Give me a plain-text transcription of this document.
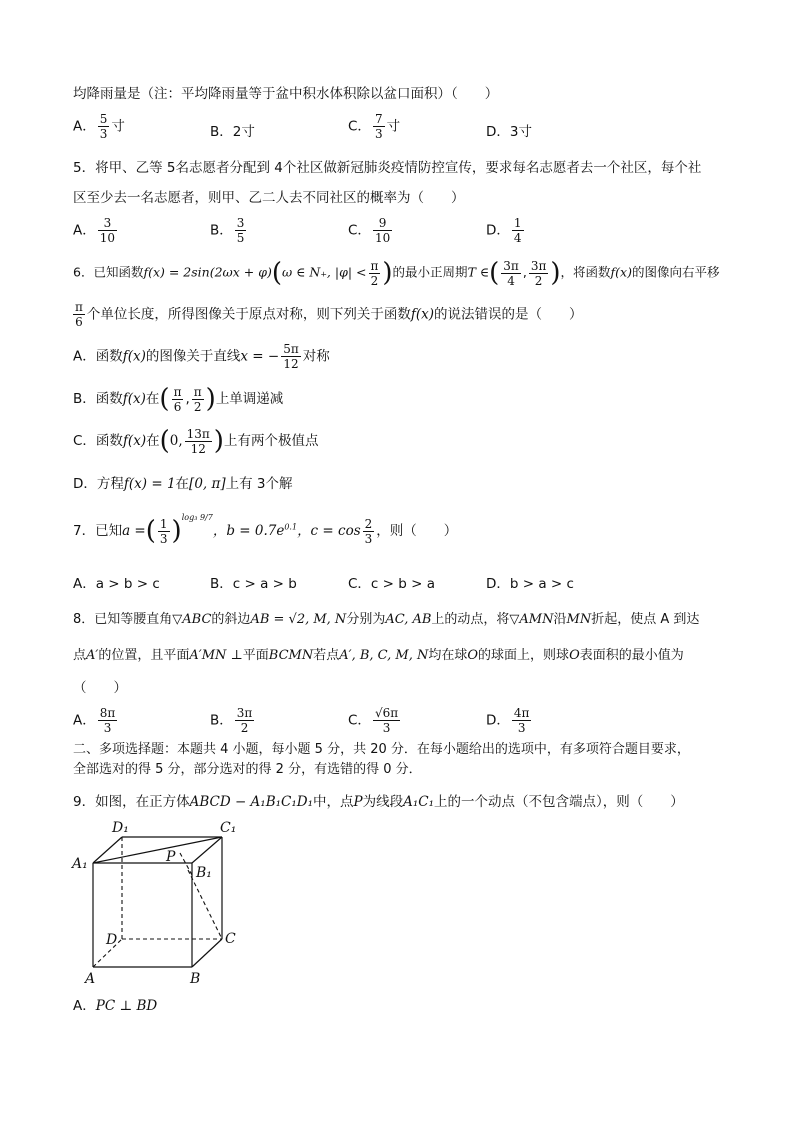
均降雨量是（注：平均降雨量等于盆中积水体积除以盆口面积）（　　）
A． $\frac{5}{3}$ 寸	B．2寸	C． $\frac{7}{3}$ 寸	D．3寸
5．将甲、乙等 5名志愿者分配到 4个社区做新冠肺炎疫情防控宣传，要求每名志愿者去一个社区，每个社
区至少去一名志愿者，则甲、乙二人去不同社区的概率为（　　）
A． $\frac{3}{10}$	B． $\frac{3}{5}$	C． $\frac{9}{10}$	D． $\frac{1}{4}$
6．已知函数f(x) = 2sin(2ωx + φ)(ω ∈ N₊, $|\varphi| < \frac{\pi}{2}$ )的最小正周期T ∈( $\frac{3\pi}{4}$ , $\frac{3\pi}{2}$ )，将函数f(x)的图像向右平移
$\frac{\pi}{6}$ 个单位长度，所得图像关于原点对称，则下列关于函数f(x)的说法错误的是（　　）
A．函数f(x)的图像关于直线x = − $\frac{5\pi}{12}$ 对称
B．函数f(x)在( $\frac{\pi}{6}$ , $\frac{\pi}{2}$ )上单调递减
C．函数f(x)在(0, $\frac{13\pi}{12}$ )上有两个极值点
D．方程f(x) = 1在[0, π]上有 3个解
7．已知a =( $\frac{1}{3} )^{log_3 9/7}$，$b = 0.7e^{0.1}$，$c = \cos \frac{2}{3}$ ，则（　　）
A．a > b > c	B．c > a > b	C．c > b > a	D．b > a > c
8．已知等腰直角▽ABC的斜边AB = √2, M, N分别为AC, AB上的动点，将▽AMN沿MN折起，使点 A 到达
点A′的位置，且平面A′MN ⊥平面BCMN若点A′, B, C, M, N均在球O的球面上，则球O表面积的最小值为
（　　）
A． $\frac{8\pi}{3}$	B． $\frac{3\pi}{2}$	C． $\frac{√6\pi}{3}$	D． $\frac{4\pi}{3}$
二、多项选择题：本题共 4 小题，每小题 5 分，共 20 分．在每小题给出的选项中，有多项符合题目要求，
全部选对的得 5 分，部分选对的得 2 分，有选错的得 0 分．
9．如图，在正方体ABCD − A₁B₁C₁D₁中，点P为线段A₁C₁上的一个动点（不包含端点），则（　　）
D₁	C₁
A₁	P
B₁
D	C
A	B
A．PC ⊥ BD
